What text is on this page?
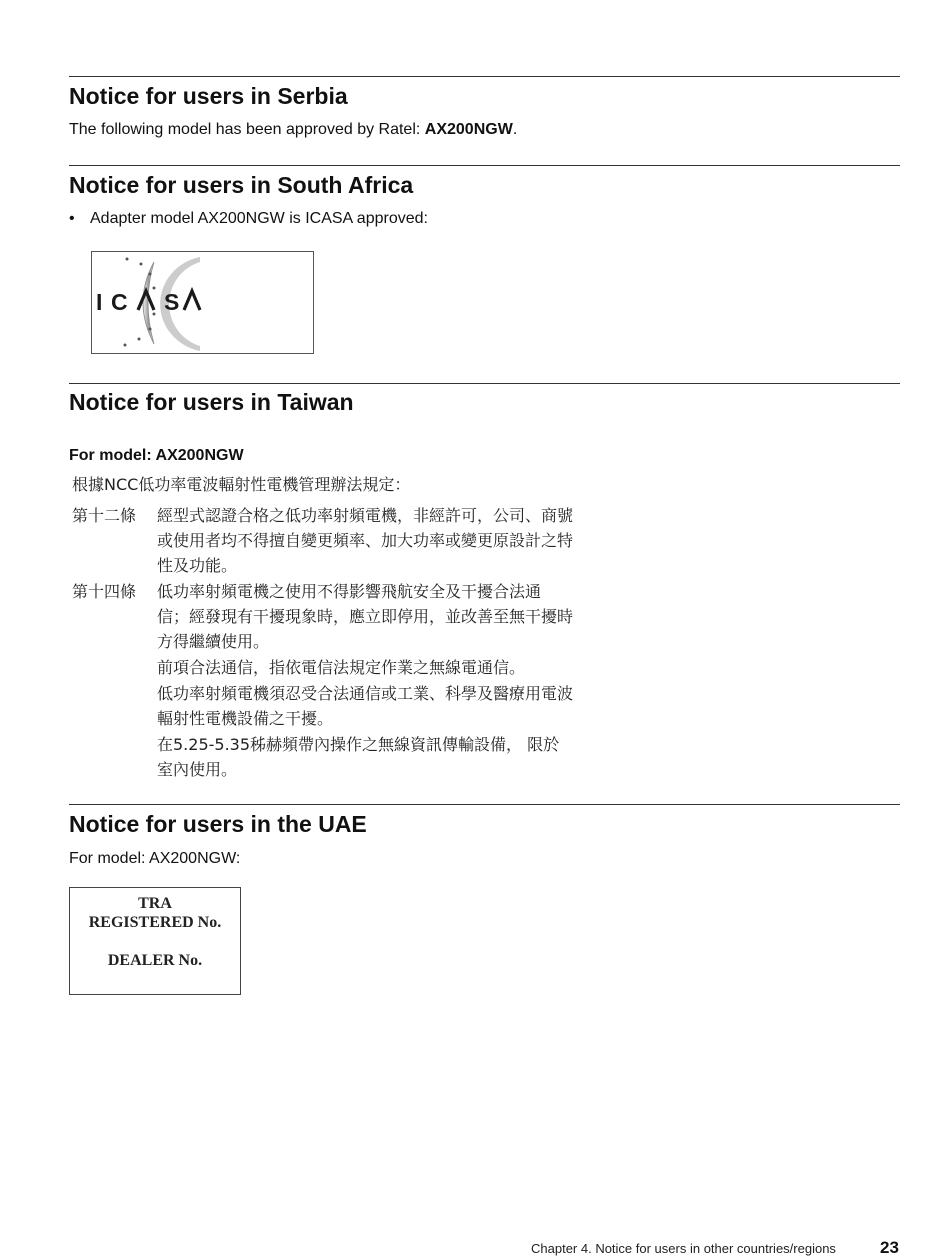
Notice for users in Serbia

The following model has been approved by Ratel: AX200NGW.

Notice for users in South Africa
• Adapter model AX200NGW is ICASA approved:
I C S
Notice for users in Taiwan

For model: AX200NGW

根據NCC低功率電波輻射性電機管理辦法規定：
第十二條 經型式認證合格之低功率射頻電機，非經許可，公司、商號
或使用者均不得擅自變更頻率、加大功率或變更原設計之特
性及功能。
第十四條 低功率射頻電機之使用不得影響飛航安全及干擾合法通
信；經發現有干擾現象時，應立即停用，並改善至無干擾時
方得繼續使用。
前項合法通信，指依電信法規定作業之無線電通信。
低功率射頻電機須忍受合法通信或工業、科學及醫療用電波
輻射性電機設備之干擾。
在5.25-5.35秭赫頻帶內操作之無線資訊傳輸設備， 限於
室內使用。
Notice for users in the UAE

For model: AX200NGW:

TRA
REGISTERED No.
DEALER No.
Chapter 4. Notice for users in other countries/regions	23
